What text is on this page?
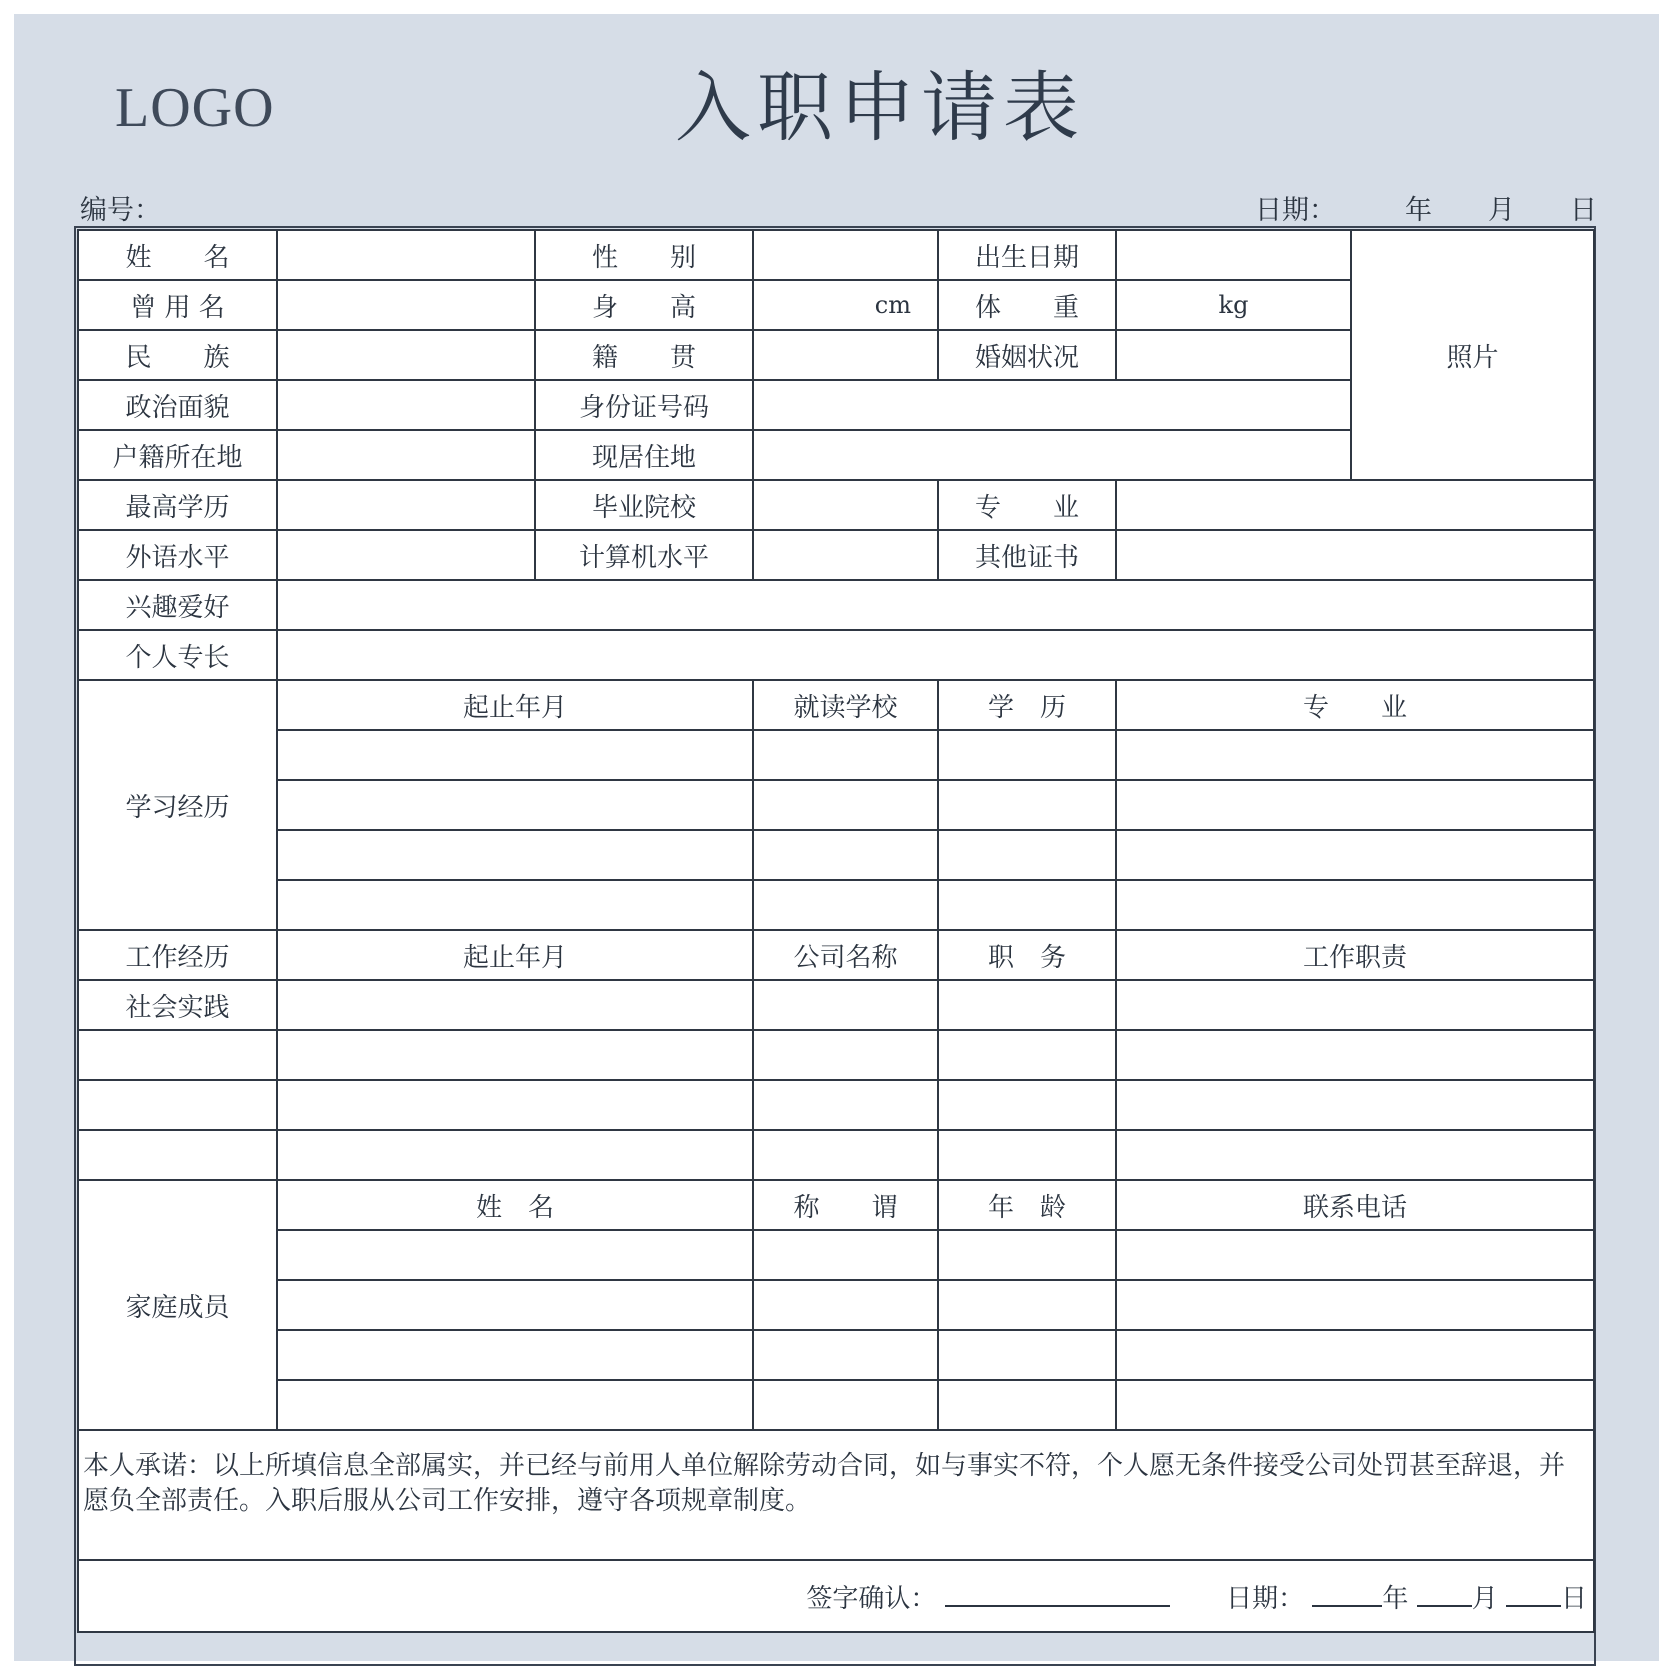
LOGO	入职申请表
编号：	日期：	年 月 日
姓　　名		性　　别		出生日期		照片
曾 用 名		身　　高	cm	体　　重	kg	
民　　族		籍　　贯		婚姻状况		
政治面貌		身份证号码				
户籍所在地		现居住地				
最高学历		毕业院校		专　　业		
外语水平		计算机水平		其他证书		
兴趣爱好						
个人专长						
学习经历	起止年月		就读学校	学　历	专　　业	

工作经历	起止年月		公司名称	职　务	工作职责	
社会实践						

家庭成员	姓　名		称　　谓	年　龄	联系电话	

本人承诺：以上所填信息全部属实，并已经与前用人单位解除劳动合同，如与事实不符，个人愿无条件接受公司处罚甚至辞退，并愿负全部责任。入职后服从公司工作安排，遵守各项规章制度。						
签字确认： 日期： 年 月 日						
